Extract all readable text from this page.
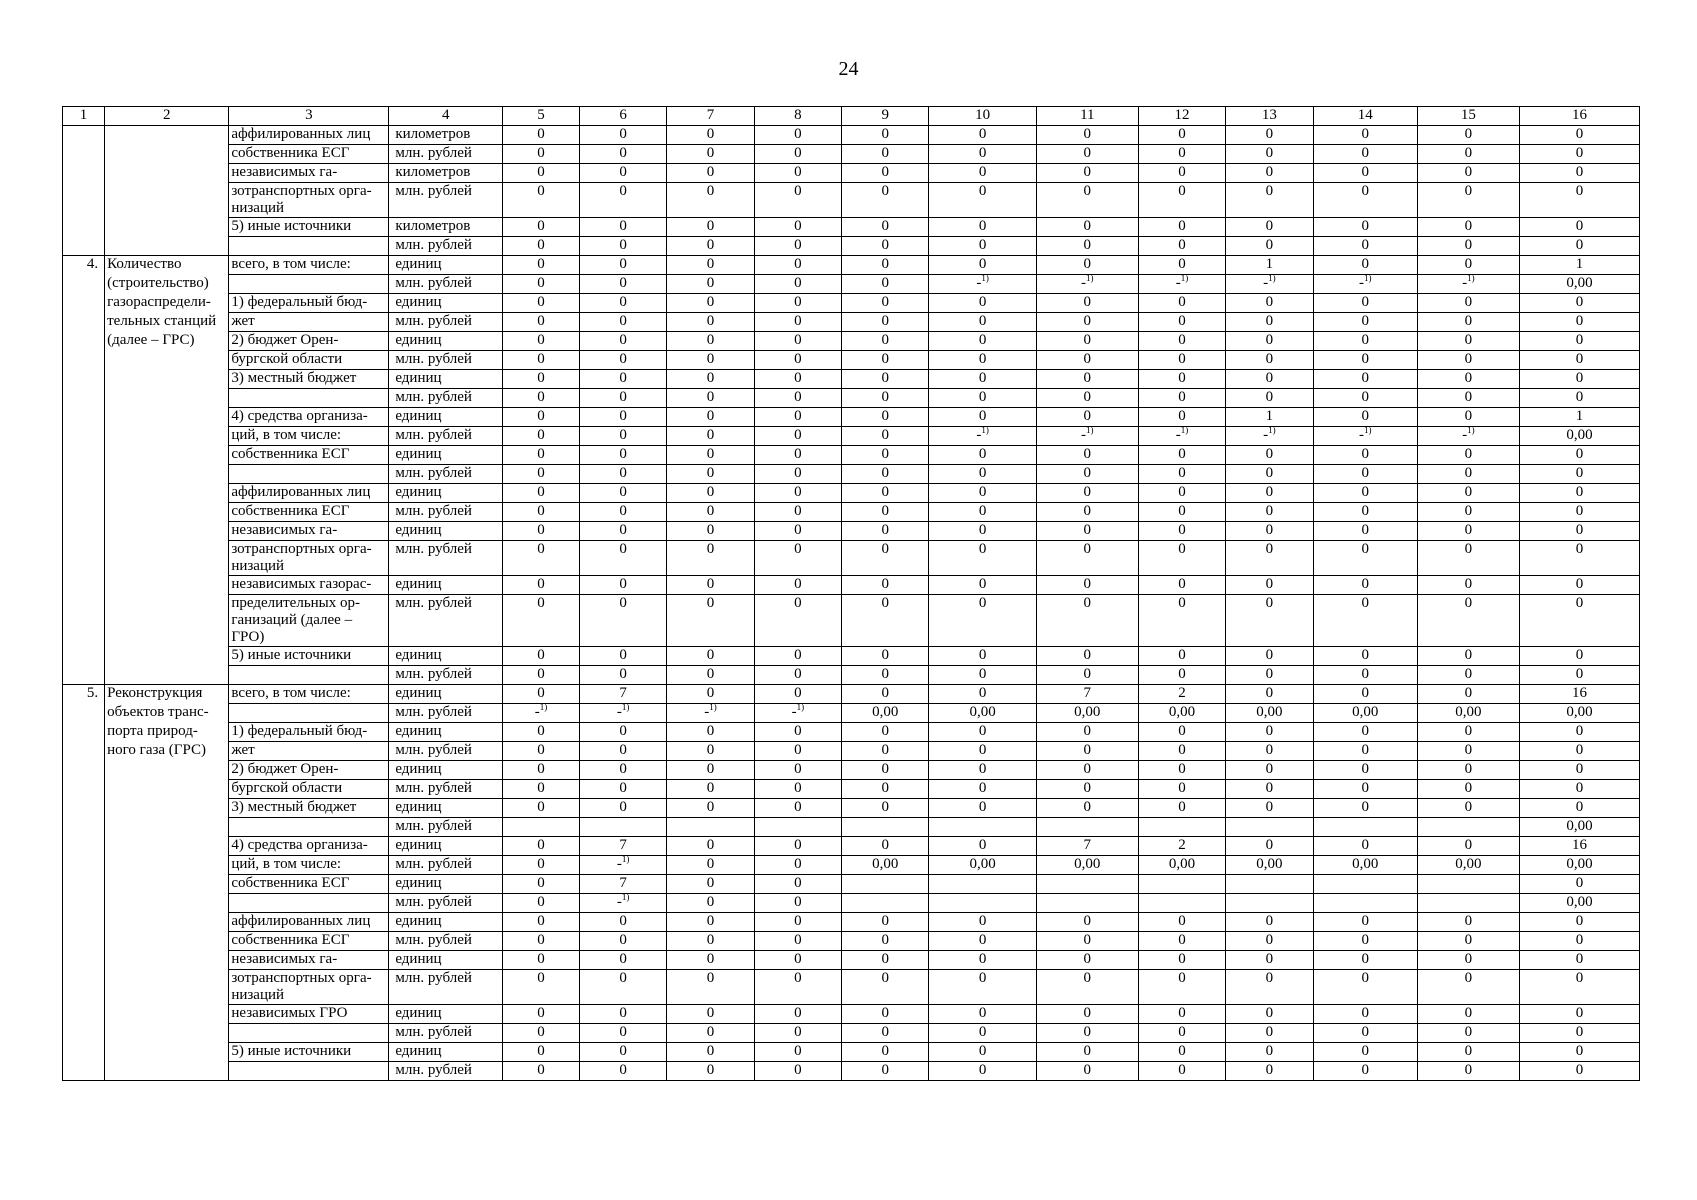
24
1	2	3	4	5	6	7	8	9	10	11	12	13	14	15	16
		аффилированных лиц	километров	0	0	0	0	0	0	0	0	0	0	0	0
		собственника ЕСГ	млн. рублей	0	0	0	0	0	0	0	0	0	0	0	0
		независимых га-	километров	0	0	0	0	0	0	0	0	0	0	0	0
		зотранспортных орга-
низаций	млн. рублей	0	0	0	0	0	0	0	0	0	0	0	0
		5) иные источники	километров	0	0	0	0	0	0	0	0	0	0	0	0
			млн. рублей	0	0	0	0	0	0	0	0	0	0	0	0
4.	Количество	всего, в том числе:	единиц	0	0	0	0	0	0	0	0	1	0	0	1
	(строительство)		млн. рублей	0	0	0	0	0	-$^{1)}$	-$^{1)}$	-$^{1)}$	-$^{1)}$	-$^{1)}$	-$^{1)}$	0,00
	газораспредели-	1) федеральный бюд-	единиц	0	0	0	0	0	0	0	0	0	0	0	0
	тельных станций	жет	млн. рублей	0	0	0	0	0	0	0	0	0	0	0	0
	(далее – ГРС)	2) бюджет Орен-	единиц	0	0	0	0	0	0	0	0	0	0	0	0
		бургской области	млн. рублей	0	0	0	0	0	0	0	0	0	0	0	0
		3) местный бюджет	единиц	0	0	0	0	0	0	0	0	0	0	0	0
			млн. рублей	0	0	0	0	0	0	0	0	0	0	0	0
		4) средства организа-	единиц	0	0	0	0	0	0	0	0	1	0	0	1
		ций, в том числе:	млн. рублей	0	0	0	0	0	-$^{1)}$	-$^{1)}$	-$^{1)}$	-$^{1)}$	-$^{1)}$	-$^{1)}$	0,00
		собственника ЕСГ	единиц	0	0	0	0	0	0	0	0	0	0	0	0
			млн. рублей	0	0	0	0	0	0	0	0	0	0	0	0
		аффилированных лиц	единиц	0	0	0	0	0	0	0	0	0	0	0	0
		собственника ЕСГ	млн. рублей	0	0	0	0	0	0	0	0	0	0	0	0
		независимых га-	единиц	0	0	0	0	0	0	0	0	0	0	0	0
		зотранспортных орга-
низаций	млн. рублей	0	0	0	0	0	0	0	0	0	0	0	0
		независимых газорас-	единиц	0	0	0	0	0	0	0	0	0	0	0	0
		пределительных ор-
ганизаций (далее –
ГРО)	млн. рублей	0	0	0	0	0	0	0	0	0	0	0	0
		5) иные источники	единиц	0	0	0	0	0	0	0	0	0	0	0	0
			млн. рублей	0	0	0	0	0	0	0	0	0	0	0	0
5.	Реконструкция	всего, в том числе:	единиц	0	7	0	0	0	0	7	2	0	0	0	16
	объектов транс-		млн. рублей	-$^{1)}$	-$^{1)}$	-$^{1)}$	-$^{1)}$	0,00	0,00	0,00	0,00	0,00	0,00	0,00	0,00
	порта природ-	1) федеральный бюд-	единиц	0	0	0	0	0	0	0	0	0	0	0	0
	ного газа (ГРС)	жет	млн. рублей	0	0	0	0	0	0	0	0	0	0	0	0
		2) бюджет Орен-	единиц	0	0	0	0	0	0	0	0	0	0	0	0
		бургской области	млн. рублей	0	0	0	0	0	0	0	0	0	0	0	0
		3) местный бюджет	единиц	0	0	0	0	0	0	0	0	0	0	0	0
			млн. рублей												0,00
		4) средства организа-	единиц	0	7	0	0	0	0	7	2	0	0	0	16
		ций, в том числе:	млн. рублей	0	-$^{1)}$	0	0	0,00	0,00	0,00	0,00	0,00	0,00	0,00	0,00
		собственника ЕСГ	единиц	0	7	0	0								0
			млн. рублей	0	-$^{1)}$	0	0								0,00
		аффилированных лиц	единиц	0	0	0	0	0	0	0	0	0	0	0	0
		собственника ЕСГ	млн. рублей	0	0	0	0	0	0	0	0	0	0	0	0
		независимых га-	единиц	0	0	0	0	0	0	0	0	0	0	0	0
		зотранспортных орга-
низаций	млн. рублей	0	0	0	0	0	0	0	0	0	0	0	0
		независимых ГРО	единиц	0	0	0	0	0	0	0	0	0	0	0	0
			млн. рублей	0	0	0	0	0	0	0	0	0	0	0	0
		5) иные источники	единиц	0	0	0	0	0	0	0	0	0	0	0	0
			млн. рублей	0	0	0	0	0	0	0	0	0	0	0	0
